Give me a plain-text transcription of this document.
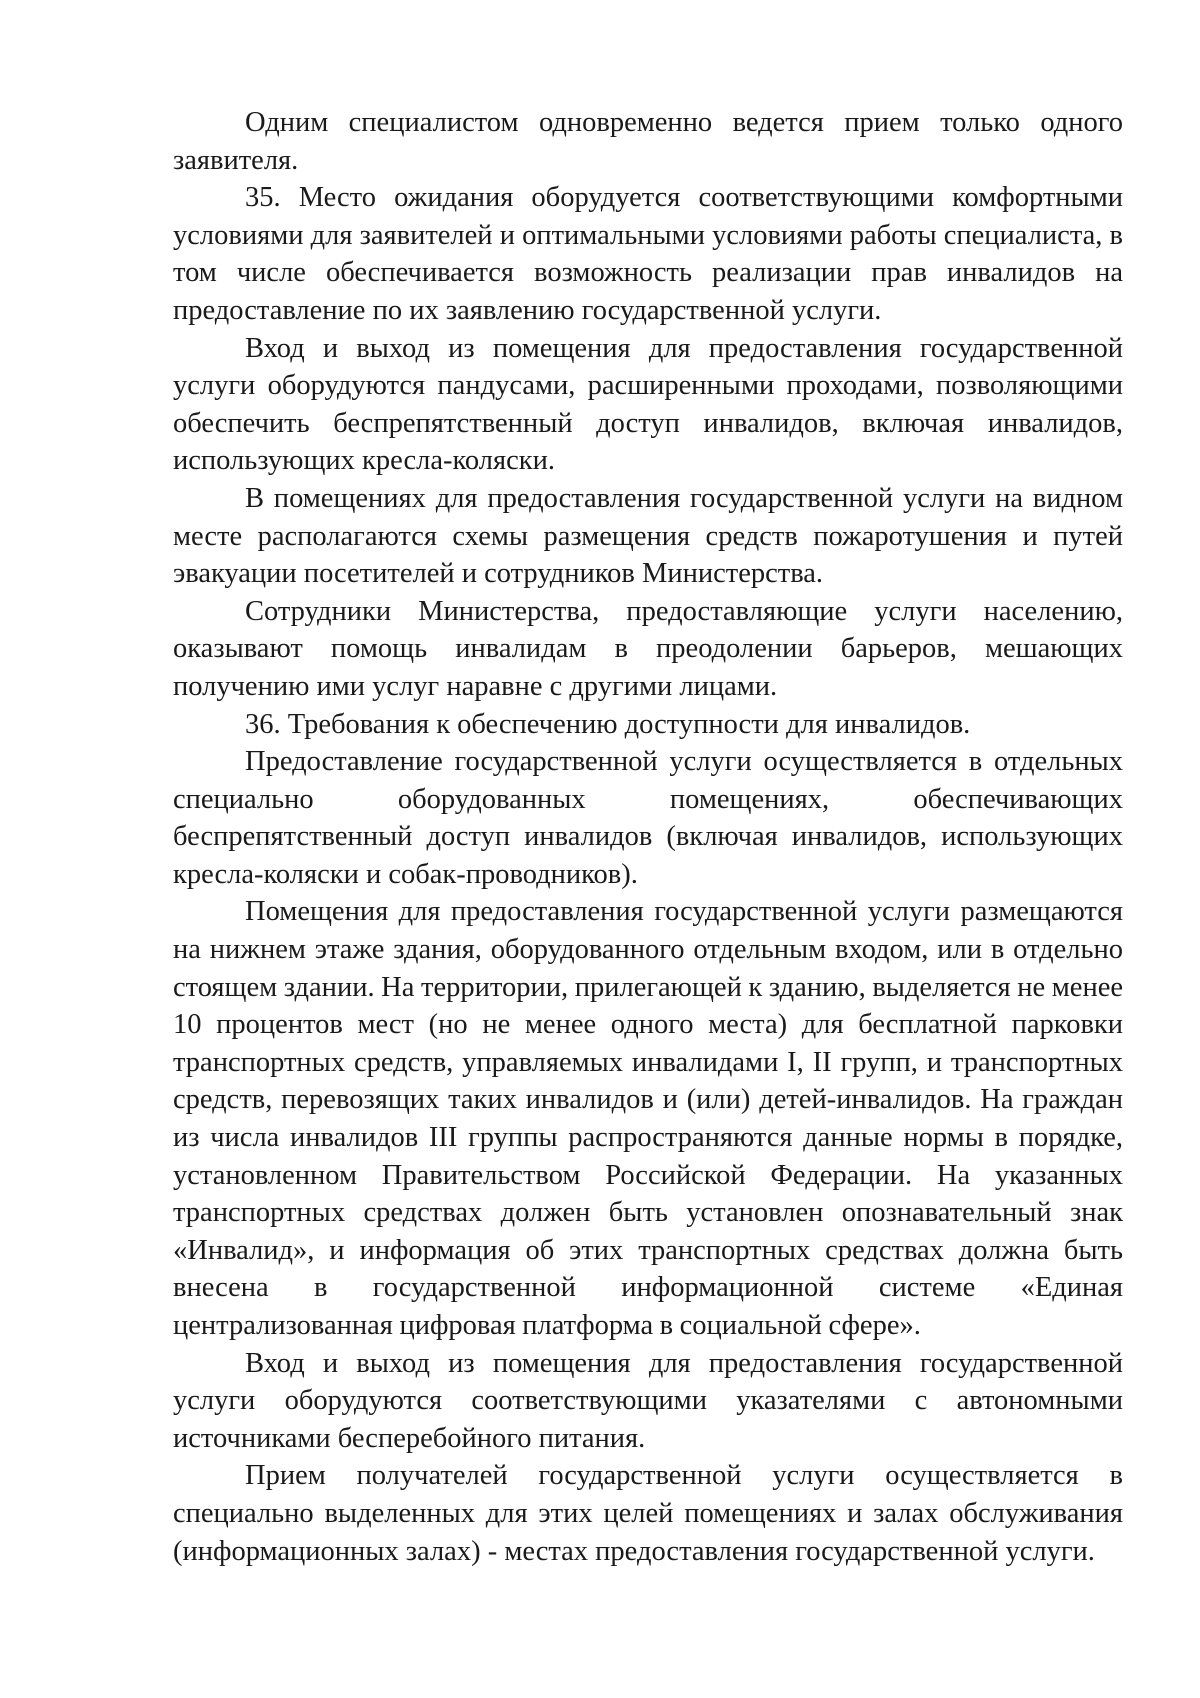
Одним специалистом одновременно ведется прием только одного заявителя.

35. Место ожидания оборудуется соответствующими комфортными условиями для заявителей и оптимальными условиями работы специалиста, в том числе обеспечивается возможность реализации прав инвалидов на предоставление по их заявлению государственной услуги.

Вход и выход из помещения для предоставления государственной услуги оборудуются пандусами, расширенными проходами, позволяющими обеспечить беспрепятственный доступ инвалидов, включая инвалидов, использующих кресла-коляски.

В помещениях для предоставления государственной услуги на видном месте располагаются схемы размещения средств пожаротушения и путей эвакуации посетителей и сотрудников Министерства.

Сотрудники Министерства, предоставляющие услуги населению, оказывают помощь инвалидам в преодолении барьеров, мешающих получению ими услуг наравне с другими лицами.

36. Требования к обеспечению доступности для инвалидов.

Предоставление государственной услуги осуществляется в отдельных специально оборудованных помещениях, обеспечивающих беспрепятственный доступ инвалидов (включая инвалидов, использующих кресла-коляски и собак-проводников).

Помещения для предоставления государственной услуги размещаются на нижнем этаже здания, оборудованного отдельным входом, или в отдельно стоящем здании. На территории, прилегающей к зданию, выделяется не менее 10 процентов мест (но не менее одного места) для бесплатной парковки транспортных средств, управляемых инвалидами I, II групп, и транспортных средств, перевозящих таких инвалидов и (или) детей-инвалидов. На граждан из числа инвалидов III группы распространяются данные нормы в порядке, установленном Правительством Российской Федерации. На указанных транспортных средствах должен быть установлен опознавательный знак «Инвалид», и информация об этих транспортных средствах должна быть внесена в государственной информационной системе «Единая централизованная цифровая платформа в социальной сфере».

Вход и выход из помещения для предоставления государственной услуги оборудуются соответствующими указателями с автономными источниками бесперебойного питания.

Прием получателей государственной услуги осуществляется в специально выделенных для этих целей помещениях и залах обслуживания (информационных залах) - местах предоставления государственной услуги.
